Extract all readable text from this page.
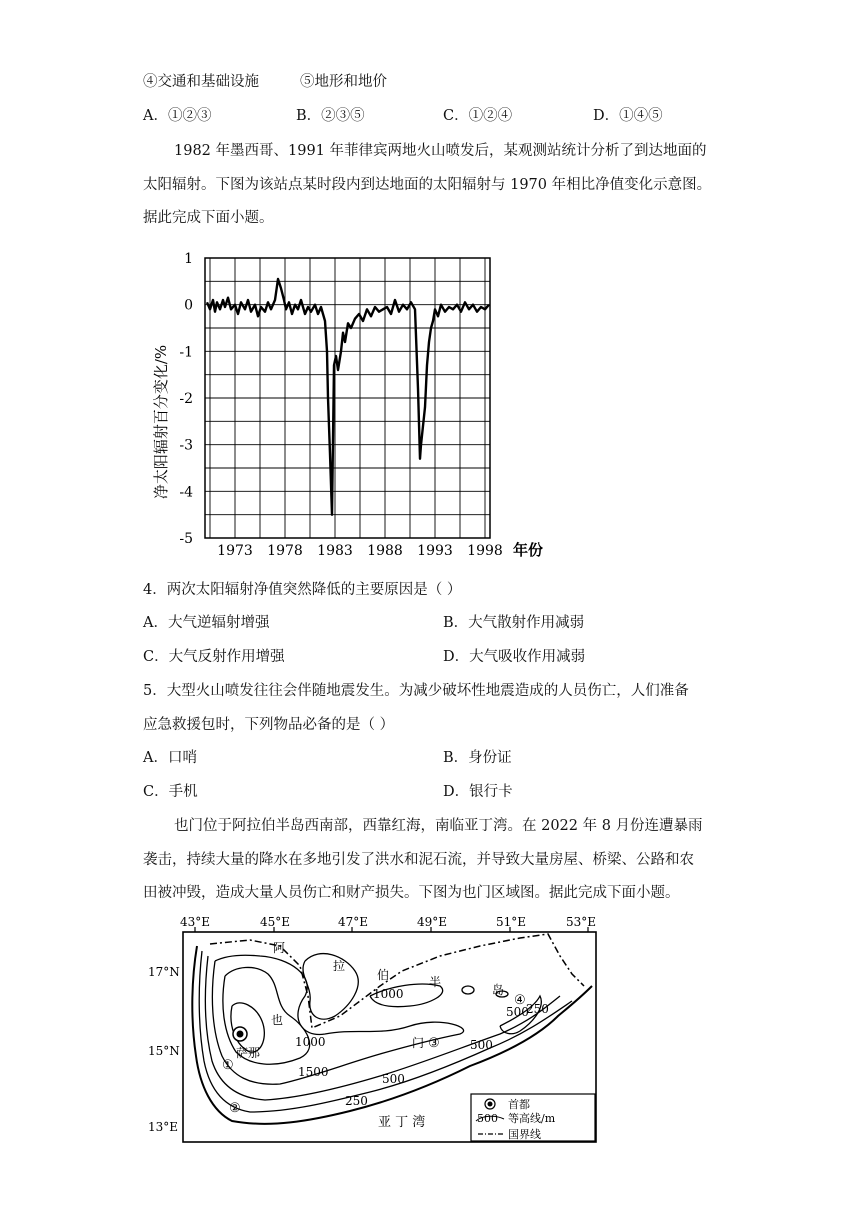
④交通和基础设施	⑤地形和地价
A．①②③	B．②③⑤	C．①②④	D．①④⑤
1982 年墨西哥、1991 年菲律宾两地火山喷发后，某观测站统计分析了到达地面的
太阳辐射。下图为该站点某时段内到达地面的太阳辐射与 1970 年相比净值变化示意图。
据此完成下面小题。
1
0
-1
-2
-3
-4
-5
1973 1978 1983 1988 1993 1998
净太阳辐射百分变化/%
年份
4．两次太阳辐射净值突然降低的主要原因是（ ）
A．大气逆辐射增强	B．大气散射作用减弱
C．大气反射作用增强	D．大气吸收作用减弱
5．大型火山喷发往往会伴随地震发生。为减少破坏性地震造成的人员伤亡，人们准备
应急救援包时，下列物品必备的是（ ）
A．口哨	B．身份证
C．手机	D．银行卡
也门位于阿拉伯半岛西南部，西靠红海，南临亚丁湾。在 2022 年 8 月份连遭暴雨
袭击，持续大量的降水在多地引发了洪水和泥石流，并导致大量房屋、桥梁、公路和农
田被冲毁，造成大量人员伤亡和财产损失。下图为也门区域图。据此完成下面小题。
43°E	45°E	47°E	49°E	51°E	53°E
17°N
15°N
13°E
阿
拉
伯	半
岛
也
门
萨那
1000
1000
1500
500
500
500
250
250
①
②
③
④
亚 丁 湾
首都
500 等高线/m
国界线
